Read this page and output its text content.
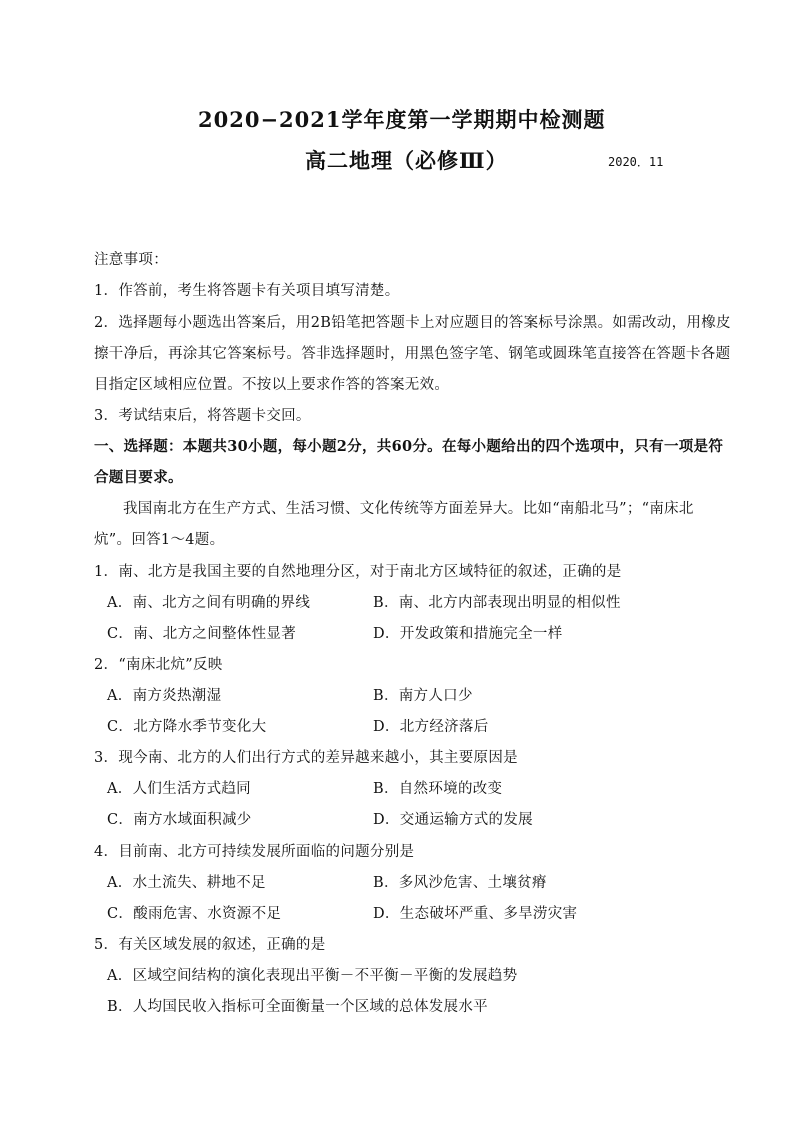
2020−2021学年度第一学期期中检测题
高二地理（必修Ⅲ）	2020．11
注意事项：
1．作答前，考生将答题卡有关项目填写清楚。
2．选择题每小题选出答案后，用2B铅笔把答题卡上对应题目的答案标号涂黑。如需改动，用橡皮
擦干净后，再涂其它答案标号。答非选择题时，用黑色签字笔、钢笔或圆珠笔直接答在答题卡各题
目指定区域相应位置。不按以上要求作答的答案无效。
3．考试结束后，将答题卡交回。
一、选择题：本题共30小题，每小题2分，共60分。在每小题给出的四个选项中，只有一项是符
合题目要求。
我国南北方在生产方式、生活习惯、文化传统等方面差异大。比如“南船北马”；“南床北
炕”。回答1～4题。
1．南、北方是我国主要的自然地理分区，对于南北方区域特征的叙述，正确的是
A．南、北方之间有明确的界线	B．南、北方内部表现出明显的相似性
C．南、北方之间整体性显著	D．开发政策和措施完全一样
2．“南床北炕”反映
A．南方炎热潮湿	B．南方人口少
C．北方降水季节变化大	D．北方经济落后
3．现今南、北方的人们出行方式的差异越来越小，其主要原因是
A．人们生活方式趋同	B．自然环境的改变
C．南方水域面积减少	D．交通运输方式的发展
4．目前南、北方可持续发展所面临的问题分别是
A．水土流失、耕地不足	B．多风沙危害、土壤贫瘠
C．酸雨危害、水资源不足	D．生态破坏严重、多旱涝灾害
5．有关区域发展的叙述，正确的是
A．区域空间结构的演化表现出平衡－不平衡－平衡的发展趋势
B．人均国民收入指标可全面衡量一个区域的总体发展水平
